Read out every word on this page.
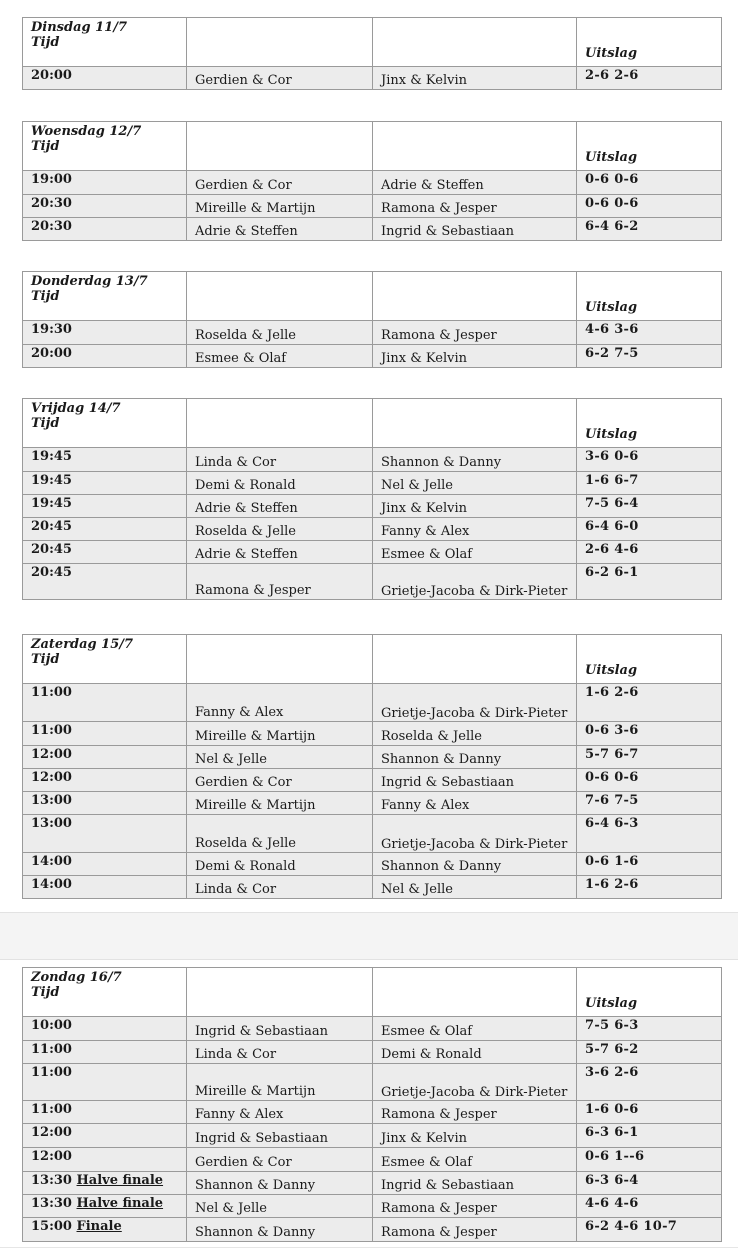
Dinsdag 11/7
Tijd			Uitslag
20:00	Gerdien & Cor	Jinx & Kelvin	2-6 2-6
Woensdag 12/7
Tijd			Uitslag
19:00	Gerdien & Cor	Adrie & Steffen	0-6 0-6
20:30	Mireille & Martijn	Ramona & Jesper	0-6 0-6
20:30	Adrie & Steffen	Ingrid & Sebastiaan	6-4 6-2
Donderdag 13/7
Tijd			Uitslag
19:30	Roselda & Jelle	Ramona & Jesper	4-6 3-6
20:00	Esmee & Olaf	Jinx & Kelvin	6-2 7-5
Vrijdag 14/7
Tijd			Uitslag
19:45	Linda & Cor	Shannon & Danny	3-6 0-6
19:45	Demi & Ronald	Nel & Jelle	1-6 6-7
19:45	Adrie & Steffen	Jinx & Kelvin	7-5 6-4
20:45	Roselda & Jelle	Fanny & Alex	6-4 6-0
20:45	Adrie & Steffen	Esmee & Olaf	2-6 4-6
20:45	Ramona & Jesper	Grietje-Jacoba & Dirk-Pieter	6-2 6-1
Zaterdag 15/7
Tijd			Uitslag
11:00	Fanny & Alex	Grietje-Jacoba & Dirk-Pieter	1-6 2-6
11:00	Mireille & Martijn	Roselda & Jelle	0-6 3-6
12:00	Nel & Jelle	Shannon & Danny	5-7 6-7
12:00	Gerdien & Cor	Ingrid & Sebastiaan	0-6 0-6
13:00	Mireille & Martijn	Fanny & Alex	7-6 7-5
13:00	Roselda & Jelle	Grietje-Jacoba & Dirk-Pieter	6-4 6-3
14:00	Demi & Ronald	Shannon & Danny	0-6 1-6
14:00	Linda & Cor	Nel & Jelle	1-6 2-6
Zondag 16/7
Tijd			Uitslag
10:00	Ingrid & Sebastiaan	Esmee & Olaf	7-5 6-3
11:00	Linda & Cor	Demi & Ronald	5-7 6-2
11:00	Mireille & Martijn	Grietje-Jacoba & Dirk-Pieter	3-6 2-6
11:00	Fanny & Alex	Ramona & Jesper	1-6 0-6
12:00	Ingrid & Sebastiaan	Jinx & Kelvin	6-3 6-1
12:00	Gerdien & Cor	Esmee & Olaf	0-6 1--6
13:30 Halve finale	Shannon & Danny	Ingrid & Sebastiaan	6-3 6-4
13:30 Halve finale	Nel & Jelle	Ramona & Jesper	4-6 4-6
15:00 Finale	Shannon & Danny	Ramona & Jesper	6-2 4-6 10-7
